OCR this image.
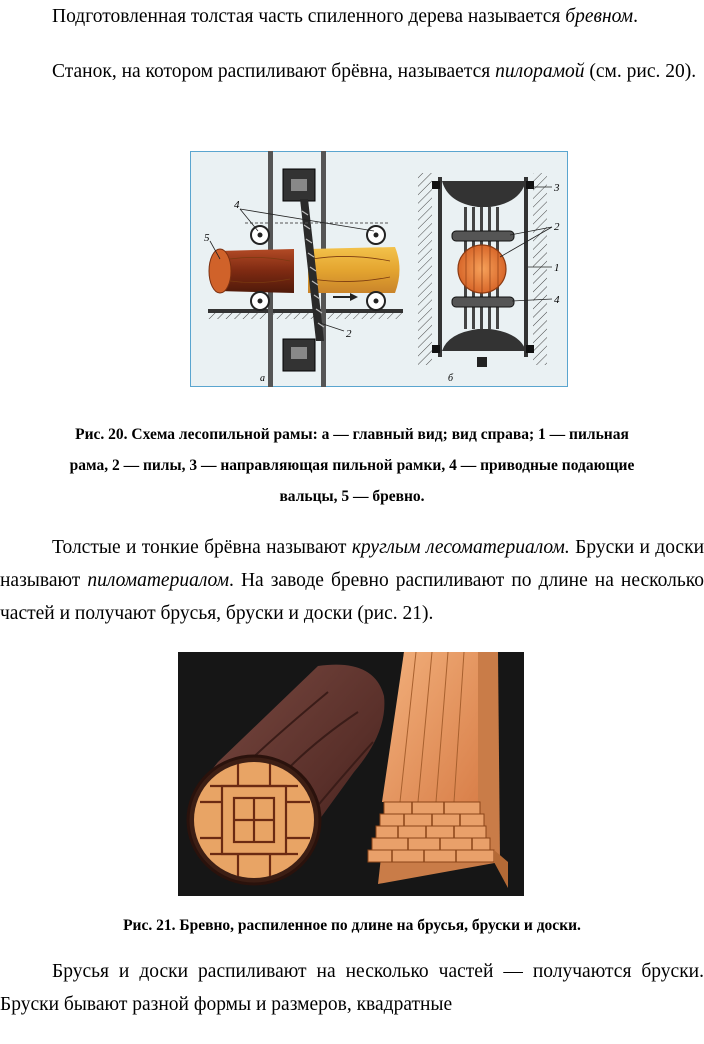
Подготовленная толстая часть спиленного дерева называется бревном.

Станок, на котором распиливают брёвна, называется пилорамой (см. рис. 20).

4
5
2
а
3
2
1
4
б

Рис. 20. Схема лесопильной рамы: а — главный вид; вид справа; 1 — пильная

рама, 2 — пилы, 3 — направляющая пильной рамки, 4 — приводные подающие

вальцы, 5 — бревно.

Толстые и тонкие брёвна называют круглым лесоматериалом. Бруски и доски называют пиломатериалом. На заводе бревно распиливают по длине на несколько частей и получают брусья, бруски и доски (рис. 21).

Рис. 21. Бревно, распиленное по длине на брусья, бруски и доски.

Брусья и доски распиливают на несколько частей — получаются бруски. Бруски бывают разной формы и размеров, квадратные
